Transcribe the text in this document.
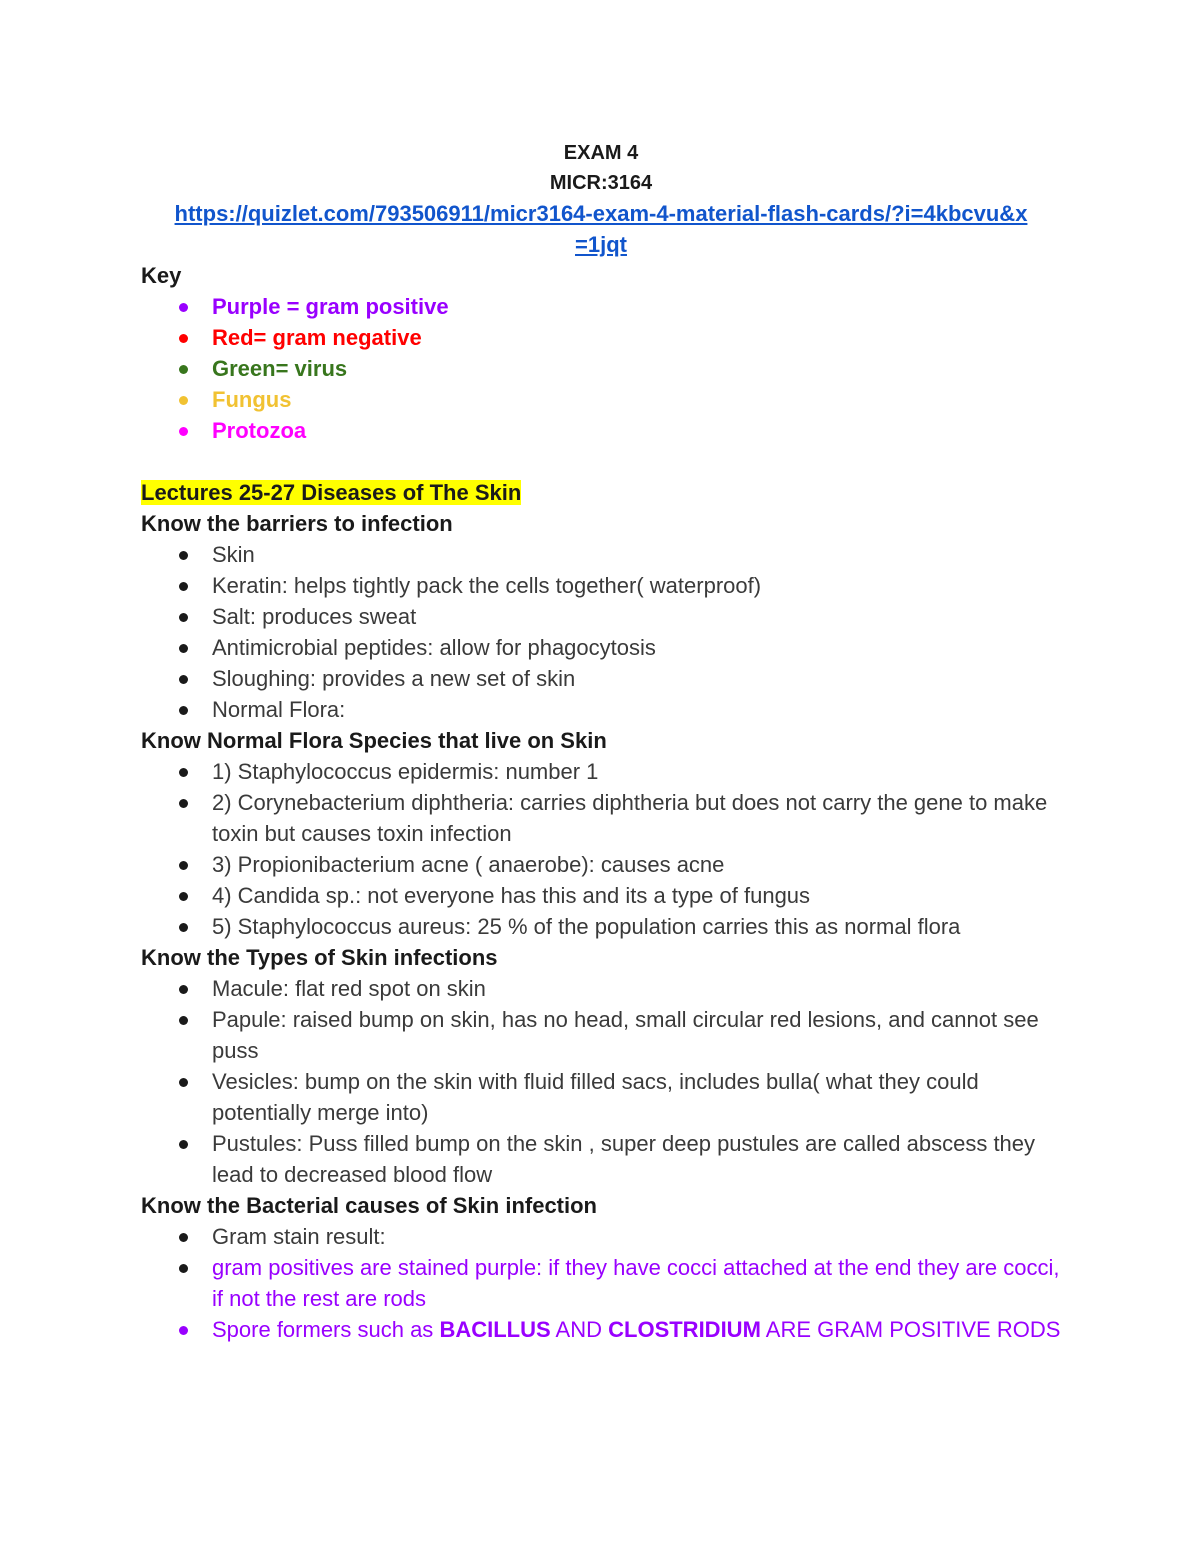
EXAM 4
MICR:3164
https://quizlet.com/793506911/micr3164-exam-4-material-flash-cards/?i=4kbcvu&x
=1jqt
Key
Purple = gram positive
Red= gram negative
Green= virus
Fungus
Protozoa
Lectures 25-27 Diseases of The Skin
Know the barriers to infection
Skin
Keratin: helps tightly pack the cells together( waterproof)
Salt: produces sweat
Antimicrobial peptides: allow for phagocytosis
Sloughing: provides a new set of skin
Normal Flora:
Know Normal Flora Species that live on Skin
1) Staphylococcus epidermis: number 1
2) Corynebacterium diphtheria: carries diphtheria but does not carry the gene to make toxin but causes toxin infection
3) Propionibacterium acne ( anaerobe): causes acne
4) Candida sp.: not everyone has this and its a type of fungus
5) Staphylococcus aureus: 25 % of the population carries this as normal flora
Know the Types of Skin infections
Macule: flat red spot on skin
Papule: raised bump on skin, has no head, small circular red lesions, and cannot see puss
Vesicles: bump on the skin with fluid filled sacs, includes bulla( what they could potentially merge into)
Pustules: Puss filled bump on the skin , super deep pustules are called abscess they lead to decreased blood flow
Know the Bacterial causes of Skin infection
Gram stain result:
gram positives are stained purple: if they have cocci attached at the end they are cocci, if not the rest are rods
Spore formers such as BACILLUS AND CLOSTRIDIUM ARE GRAM POSITIVE RODS
